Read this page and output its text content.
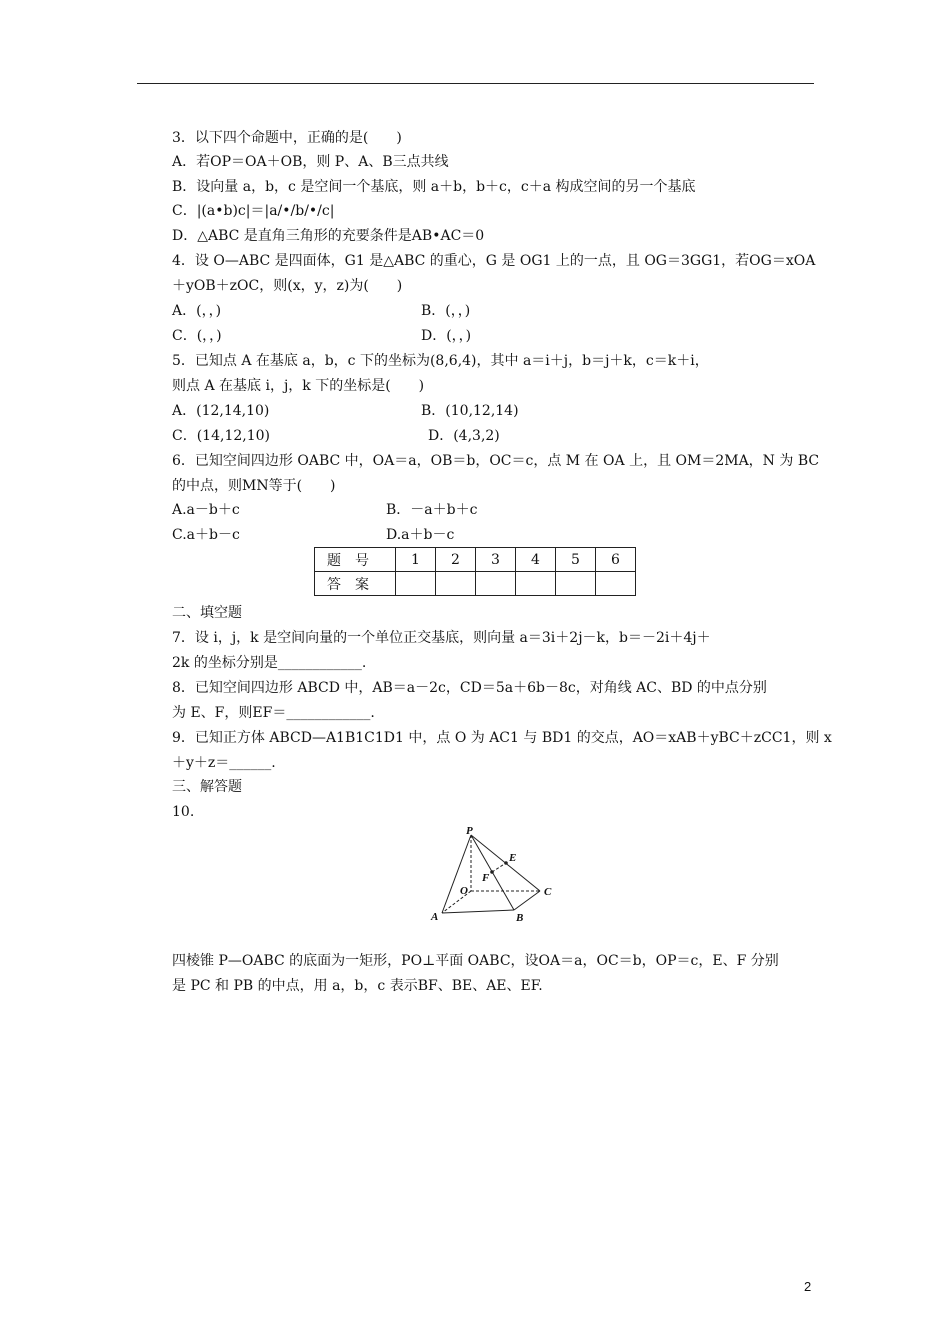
3．以下四个命题中，正确的是(　　)
A．若OP＝OA＋OB，则 P、A、B三点共线
B．设向量 a，b，c 是空间一个基底，则 a＋b，b＋c，c＋a 构成空间的另一个基底
C．|(a•b)c|＝|a/•/b/•/c|
D．△ABC 是直角三角形的充要条件是AB•AC＝0
4．设 O—ABC 是四面体，G1 是△ABC 的重心，G 是 OG1 上的一点，且 OG＝3GG1，若OG＝xOA
＋yOB＋zOC，则(x，y，z)为(　　)
A．(，，)	B．(，，)
C．(，，)	D．(，，)
5．已知点 A 在基底 a，b，c 下的坐标为(8,6,4)，其中 a＝i＋j，b＝j＋k，c＝k＋i，
则点 A 在基底 i，j，k 下的坐标是(　　)
A．(12,14,10)	B．(10,12,14)
C．(14,12,10)	D．(4,3,2)
6．已知空间四边形 OABC 中，OA＝a，OB＝b，OC＝c，点 M 在 OA 上，且 OM＝2MA，N 为 BC
的中点，则MN等于(　　)
A.a－b＋c	B．－a＋b＋c
C.a＋b－c	D.a＋b－c
题号	1	2	3	4	5	6
答案						
二、填空题
7．设 i，j，k 是空间向量的一个单位正交基底，则向量 a＝3i＋2j－k，b＝－2i＋4j＋
2k 的坐标分别是____________.
8．已知空间四边形 ABCD 中，AB＝a－2c，CD＝5a＋6b－8c，对角线 AC、BD 的中点分别
为 E、F，则EF＝____________.
9．已知正方体 ABCD—A1B1C1D1 中，点 O 为 AC1 与 BD1 的交点，AO＝xAB＋yBC＋zCC1，则 x
＋y＋z＝______.
三、解答题
10.
P
E
F
O	C
A	B
四棱锥 P—OABC 的底面为一矩形，PO⊥平面 OABC，设OA＝a，OC＝b，OP＝c，E、F 分别
是 PC 和 PB 的中点，用 a，b，c 表示BF、BE、AE、EF.
2
